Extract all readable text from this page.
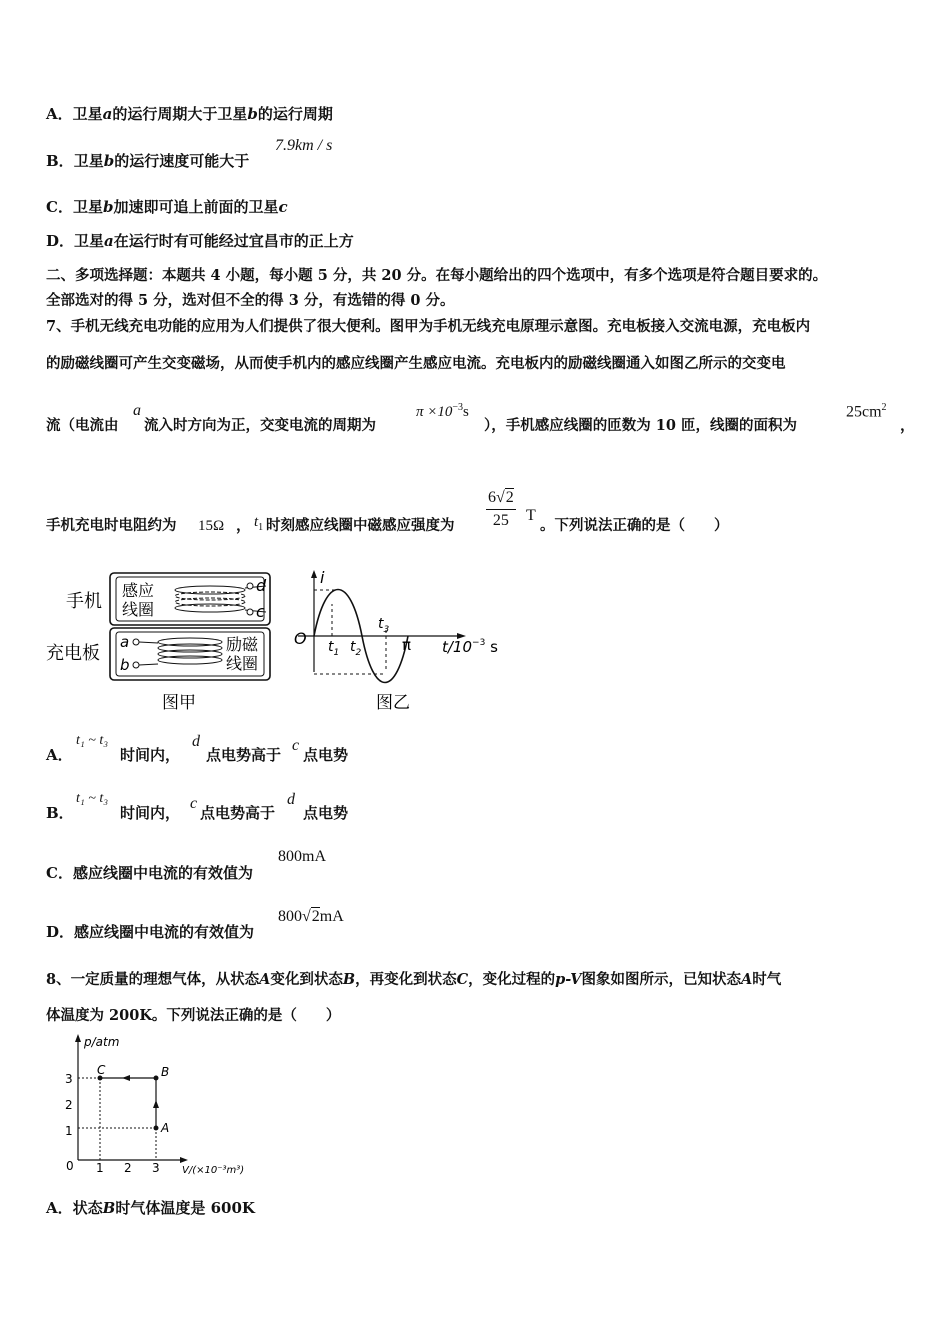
A．卫星a的运行周期大于卫星b的运行周期
B．卫星b的运行速度可能大于
7.9km / s
C．卫星b加速即可追上前面的卫星c
D．卫星a在运行时有可能经过宜昌市的正上方
二、多项选择题：本题共 4 小题，每小题 5 分，共 20 分。在每小题给出的四个选项中，有多个选项是符合题目要求的。
全部选对的得 5 分，选对但不全的得 3 分，有选错的得 0 分。
7、手机无线充电功能的应用为人们提供了很大便利。图甲为手机无线充电原理示意图。充电板接入交流电源，充电板内
的励磁线圈可产生交变磁场，从而使手机内的感应线圈产生感应电流。充电板内的励磁线圈通入如图乙所示的交变电
流（电流由
a
流入时方向为正，交变电流的周期为
$\pi \times 10^{-3}s$
），手机感应线圈的匝数为 10 匝，线圈的面积为
$25cm^2$
，
手机充电时电阻约为 15Ω ， $t_1$ 时刻感应线圈中磁感应强度为 $\frac{6√2}{25}$ T
。下列说法正确的是（　　）
手机
充电板
感应
线圈
d
c
a
b
励磁
线圈
图甲
i
O $t_1$ $t_2$
$t_3$
π $t/10^{-3}$ s
图乙
A．
t₁ ~ t₃
时间内，
d
点电势高于
c
点电势
B．
t₁ ~ t₃
时间内，
c
点电势高于
d
点电势
C．感应线圈中电流的有效值为
800mA
D．感应线圈中电流的有效值为
800√2mA
8、一定质量的理想气体，从状态A变化到状态B，再变化到状态C，变化过程的p-V图象如图所示，已知状态A时气
体温度为 200K。下列说法正确的是（　　）
p/atm
V/(×10⁻³m³)
0
3
2
1
1 2 3
A
B
C
A．状态B时气体温度是 600K
